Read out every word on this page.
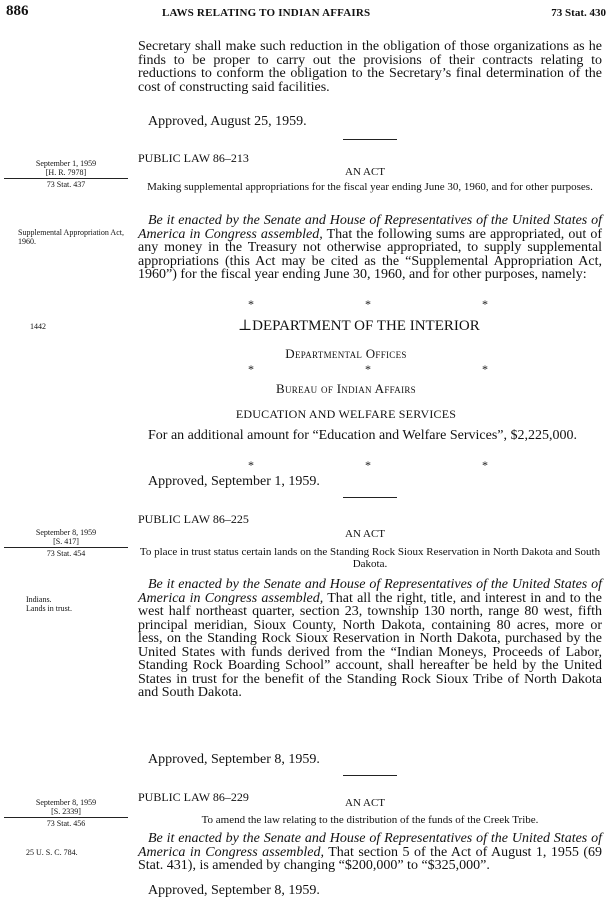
886	LAWS RELATING TO INDIAN AFFAIRS	73 Stat. 430
Secretary shall make such reduction in the obligation of those organizations as he finds to be proper to carry out the provisions of their contracts relating to reductions to conform the obligation to the Secretary’s final determination of the cost of constructing said facilities.
Approved, August 25, 1959.
PUBLIC LAW 86–213
AN ACT
September 1, 1959
[H. R. 7978]
73 Stat. 437	Making supplemental appropriations for the fiscal year ending June 30, 1960, and for other purposes.
Supplemental Appropriation Act, 1960.
Be it enacted by the Senate and House of Representatives of the United States of America in Congress assembled, That the following sums are appropriated, out of any money in the Treasury not otherwise appropriated, to supply supplemental appropriations (this Act may be cited as the “Supplemental Appropriation Act, 1960”) for the fiscal year ending June 30, 1960, and for other purposes, namely:
*	*	*
1442	⊥DEPARTMENT OF THE INTERIOR
Departmental Offices
*	*	*
Bureau of Indian Affairs
EDUCATION AND WELFARE SERVICES
For an additional amount for “Education and Welfare Services”, $2,225,000.
*	*	*
Approved, September 1, 1959.
PUBLIC LAW 86–225
AN ACT
September 8, 1959
[S. 417]
73 Stat. 454	To place in trust status certain lands on the Standing Rock Sioux Reservation in North Dakota and South Dakota.
Indians.
Lands in trust.
Be it enacted by the Senate and House of Representatives of the United States of America in Congress assembled, That all the right, title, and interest in and to the west half northeast quarter, section 23, township 130 north, range 80 west, fifth principal meridian, Sioux County, North Dakota, containing 80 acres, more or less, on the Standing Rock Sioux Reservation in North Dakota, purchased by the United States with funds derived from the “Indian Moneys, Proceeds of Labor, Standing Rock Boarding School” account, shall hereafter be held by the United States in trust for the benefit of the Standing Rock Sioux Tribe of North Dakota and South Dakota.
Approved, September 8, 1959.
PUBLIC LAW 86–229	AN ACT
September 8, 1959
[S. 2339]
73 Stat. 456	To amend the law relating to the distribution of the funds of the Creek Tribe.
25 U. S. C. 784.
Be it enacted by the Senate and House of Representatives of the United States of America in Congress assembled, That section 5 of the Act of August 1, 1955 (69 Stat. 431), is amended by changing “$200,000” to “$325,000”.
Approved, September 8, 1959.
